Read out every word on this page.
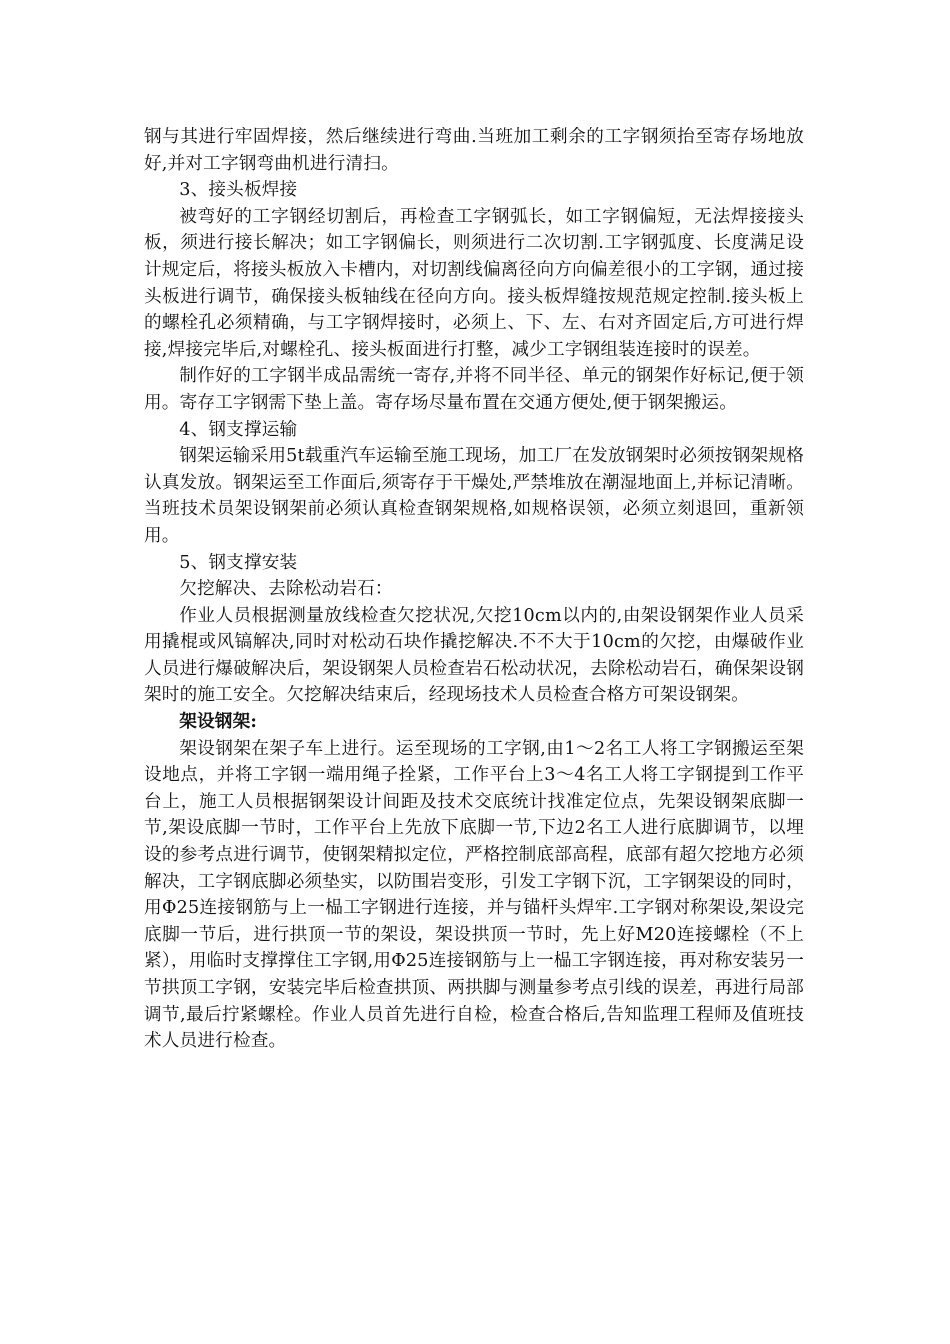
钢与其进行牢固焊接，然后继续进行弯曲.当班加工剩余的工字钢须抬至寄存场地放好,并对工字钢弯曲机进行清扫。

3、接头板焊接

被弯好的工字钢经切割后，再检查工字钢弧长，如工字钢偏短，无法焊接接头板，须进行接长解决；如工字钢偏长，则须进行二次切割.工字钢弧度、长度满足设计规定后，将接头板放入卡槽内，对切割线偏离径向方向偏差很小的工字钢，通过接头板进行调节，确保接头板轴线在径向方向。接头板焊缝按规范规定控制.接头板上的螺栓孔必须精确，与工字钢焊接时，必须上、下、左、右对齐固定后,方可进行焊接,焊接完毕后,对螺栓孔、接头板面进行打整，减少工字钢组装连接时的误差。

制作好的工字钢半成品需统一寄存,并将不同半径、单元的钢架作好标记,便于领用。寄存工字钢需下垫上盖。寄存场尽量布置在交通方便处,便于钢架搬运。

4、钢支撑运输

钢架运输采用5t载重汽车运输至施工现场，加工厂在发放钢架时必须按钢架规格认真发放。钢架运至工作面后,须寄存于干燥处,严禁堆放在潮湿地面上,并标记清晰。当班技术员架设钢架前必须认真检查钢架规格,如规格误领，必须立刻退回，重新领用。

5、钢支撑安装

欠挖解决、去除松动岩石：

作业人员根据测量放线检查欠挖状况,欠挖10cm以内的,由架设钢架作业人员采用撬棍或风镐解决,同时对松动石块作撬挖解决.不不大于10cm的欠挖，由爆破作业人员进行爆破解决后，架设钢架人员检查岩石松动状况，去除松动岩石，确保架设钢架时的施工安全。欠挖解决结束后，经现场技术人员检查合格方可架设钢架。

架设钢架:

架设钢架在架子车上进行。运至现场的工字钢,由1～2名工人将工字钢搬运至架设地点，并将工字钢一端用绳子拴紧，工作平台上3～4名工人将工字钢提到工作平台上，施工人员根据钢架设计间距及技术交底统计找准定位点，先架设钢架底脚一节,架设底脚一节时，工作平台上先放下底脚一节,下边2名工人进行底脚调节，以埋设的参考点进行调节，使钢架精拟定位，严格控制底部高程，底部有超欠挖地方必须解决，工字钢底脚必须垫实，以防围岩变形，引发工字钢下沉，工字钢架设的同时，用Φ25连接钢筋与上一榀工字钢进行连接，并与锚杆头焊牢.工字钢对称架设,架设完底脚一节后，进行拱顶一节的架设，架设拱顶一节时，先上好M20连接螺栓（不上紧），用临时支撑撑住工字钢,用Φ25连接钢筋与上一榀工字钢连接，再对称安装另一节拱顶工字钢，安装完毕后检查拱顶、两拱脚与测量参考点引线的误差，再进行局部调节,最后拧紧螺栓。作业人员首先进行自检，检查合格后,告知监理工程师及值班技术人员进行检查。
